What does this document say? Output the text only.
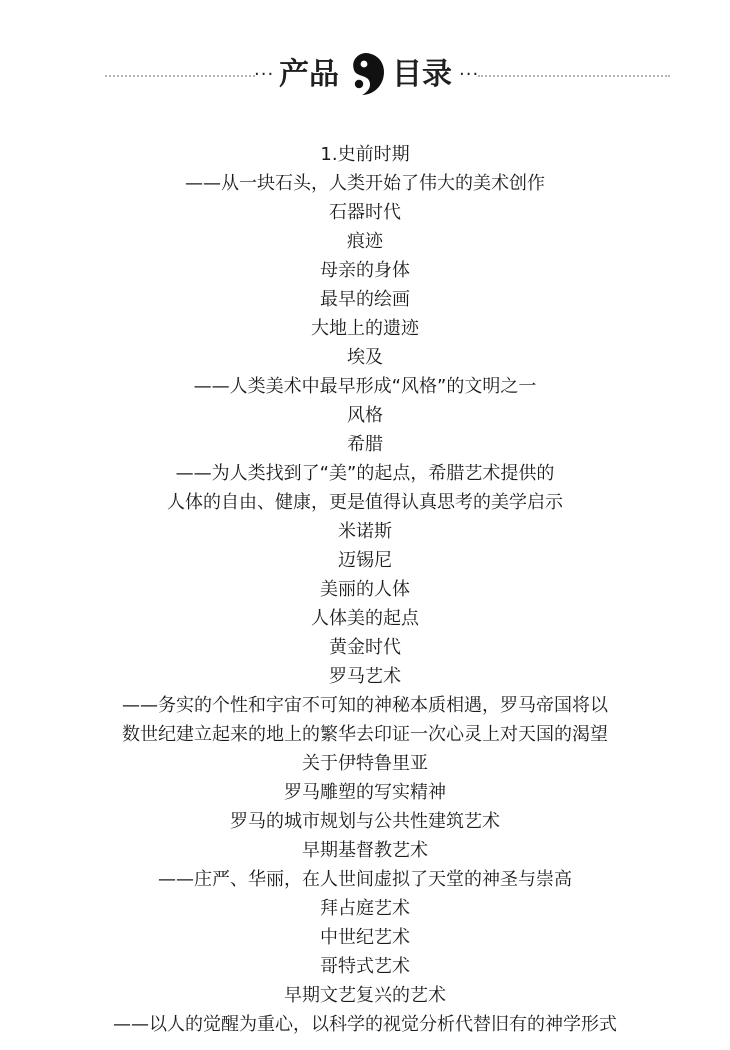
··· 产品 目录 ···
1.史前时期
——从一块石头，人类开始了伟大的美术创作
石器时代
痕迹
母亲的身体
最早的绘画
大地上的遗迹
埃及
——人类美术中最早形成“风格”的文明之一
风格
希腊
——为人类找到了“美”的起点，希腊艺术提供的
人体的自由、健康，更是值得认真思考的美学启示
米诺斯
迈锡尼
美丽的人体
人体美的起点
黄金时代
罗马艺术
——务实的个性和宇宙不可知的神秘本质相遇，罗马帝国将以
数世纪建立起来的地上的繁华去印证一次心灵上对天国的渴望
关于伊特鲁里亚
罗马雕塑的写实精神
罗马的城市规划与公共性建筑艺术
早期基督教艺术
——庄严、华丽，在人世间虚拟了天堂的神圣与崇高
拜占庭艺术
中世纪艺术
哥特式艺术
早期文艺复兴的艺术
——以人的觉醒为重心，以科学的视觉分析代替旧有的神学形式
